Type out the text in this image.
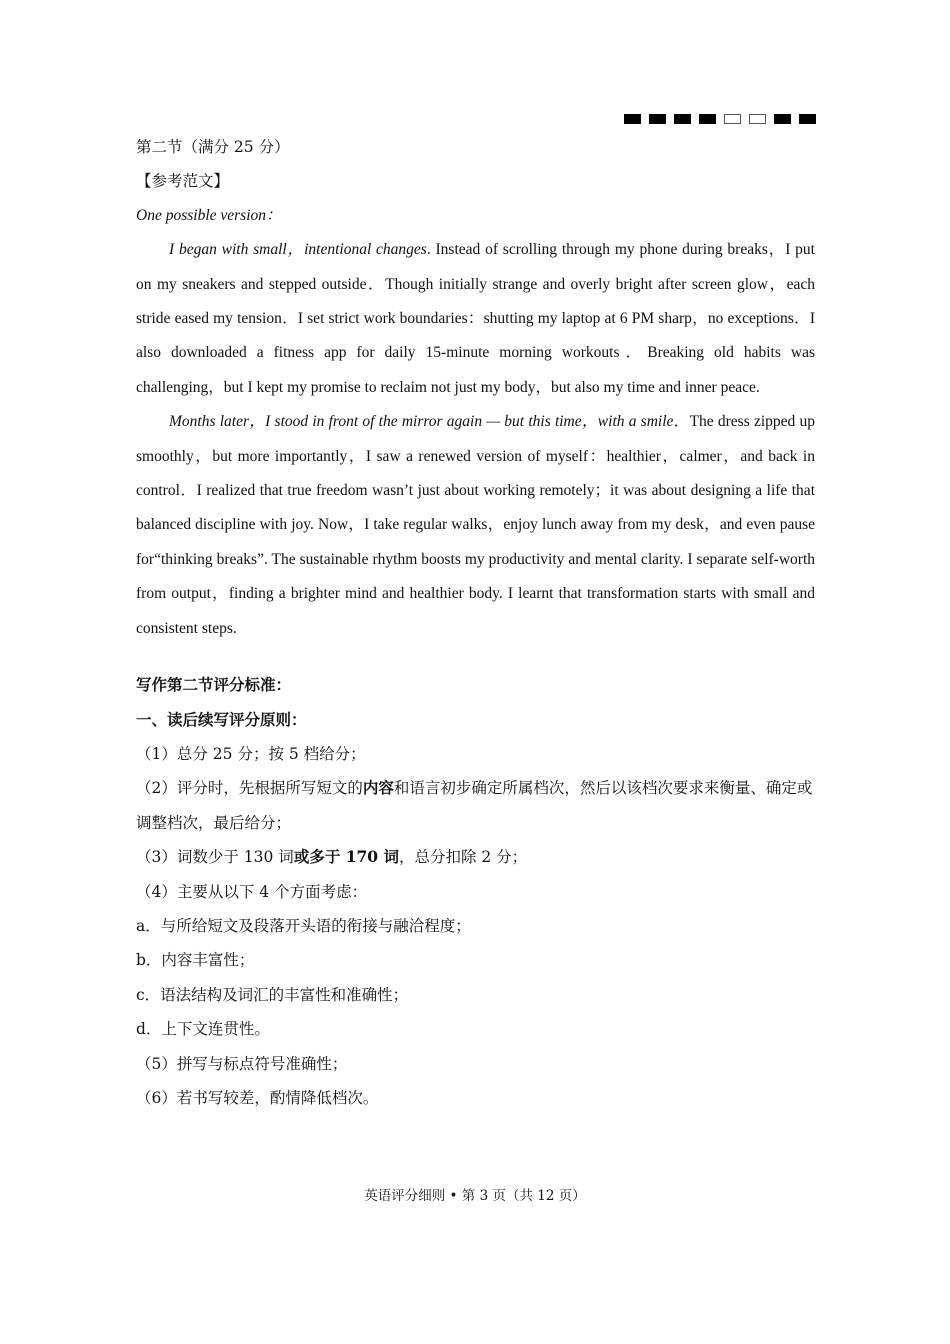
第二节（满分 25 分）

【参考范文】

One possible version：

I began with small，intentional changes. Instead of scrolling through my phone during breaks，I put on my sneakers and stepped outside．Though initially strange and overly bright after screen glow，each stride eased my tension．I set strict work boundaries：shutting my laptop at 6 PM sharp，no exceptions．I also downloaded a fitness app for daily 15-minute morning workouts．Breaking old habits was challenging，but I kept my promise to reclaim not just my body，but also my time and inner peace.

Months later，I stood in front of the mirror again — but this time，with a smile．The dress zipped up smoothly，but more importantly，I saw a renewed version of myself：healthier，calmer，and back in control．I realized that true freedom wasn’t just about working remotely；it was about designing a life that balanced discipline with joy. Now，I take regular walks，enjoy lunch away from my desk，and even pause for“thinking breaks”. The sustainable rhythm boosts my productivity and mental clarity. I separate self-worth from output，finding a brighter mind and healthier body. I learnt that transformation starts with small and consistent steps.

写作第二节评分标准：

一、读后续写评分原则：

（1）总分 25 分；按 5 档给分；

（2）评分时，先根据所写短文的内容和语言初步确定所属档次，然后以该档次要求来衡量、确定或调整档次，最后给分；

（3）词数少于 130 词或多于 170 词，总分扣除 2 分；

（4）主要从以下 4 个方面考虑：

a．与所给短文及段落开头语的衔接与融洽程度；

b．内容丰富性；

c．语法结构及词汇的丰富性和准确性；

d．上下文连贯性。

（5）拼写与标点符号准确性；

（6）若书写较差，酌情降低档次。

英语评分细则 • 第 3 页（共 12 页）
